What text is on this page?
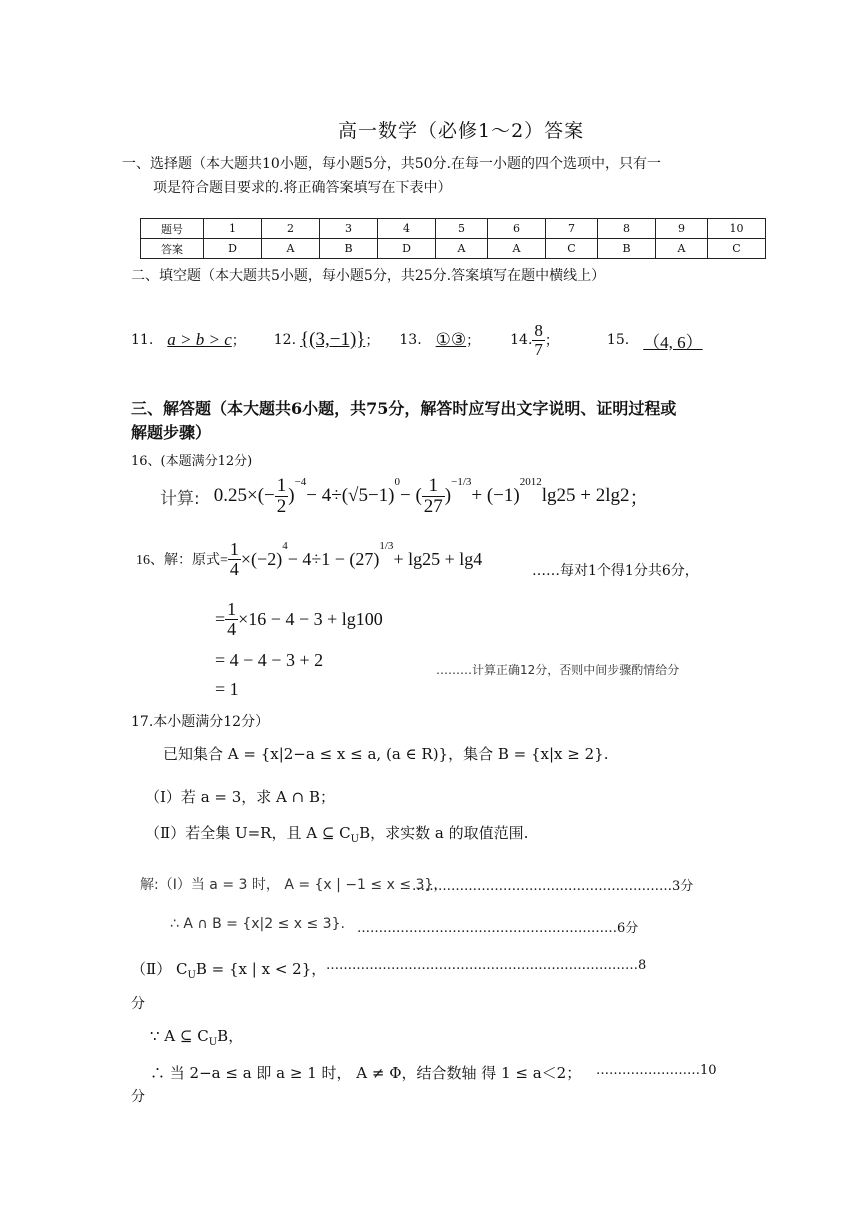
高一数学（必修1～2）答案
一、选择题（本大题共10小题，每小题5分，共50分.在每一小题的四个选项中，只有一
项是符合题目要求的.将正确答案填写在下表中）
题号	1	2	3	4	5	6	7	8	9	10
答案	D	A	B	D	A	A	C	B	A	C
二、填空题（本大题共5小题，每小题5分，共25分.答案填写在题中横线上）
11. a > b > c ； 12. {(3,−1)} ； 13. ①③ ； 14. $\frac{8}{7}$ ；	15. （4, 6）
三、解答题（本大题共6小题，共75分，解答时应写出文字说明、证明过程或
解题步骤）
16、(本题满分12分)
计算: $0.25\times(- \frac{1}{2}$ )
$^{-4}$
− 4÷(√5−1)
$^0$
− ( $\frac{1}{27}$ )
$^{-1/3}$
+ (−1)
$^{2012}$
lg25 + 2lg2 ；
16、解：原式= $\frac{1}{4} \times(-2)$
$^4$
− 4÷1 − (27)
$^{1/3}$
+ lg25 + lg4
……每对1个得1分共6分，
= $\frac{1}{4} \times 16 - 4 - 3 + \lg 100$
= 4 − 4 − 3 + 2	………计算正确12分，否则中间步骤酌情给分
= 1
17.本小题满分12分）
已知集合 A = {x|2−a ≤ x ≤ a, (a ∈ R)}，集合 B = {x|x ≥ 2}.
（Ⅰ）若 a = 3，求 A ∩ B；
（Ⅱ）若全集 U=R，且 A ⊆ $C_UB$，求实数 a 的取值范围.
解:（Ⅰ）当 a = 3 时， A = {x | −1 ≤ x ≤ 3}，
……………………………………………………3分
∴ A ∩ B = {x|2 ≤ x ≤ 3}. ……………………………………………………6分
（Ⅱ） $C_UB = \{x$ | x < 2}， ………………………………………………………………8
分
∵ A ⊆ $C_UB$，
∴ 当 2−a ≤ a 即 a ≥ 1 时， A ≠ Φ，结合数轴 得 1 ≤ a＜2； ……………………10
分
